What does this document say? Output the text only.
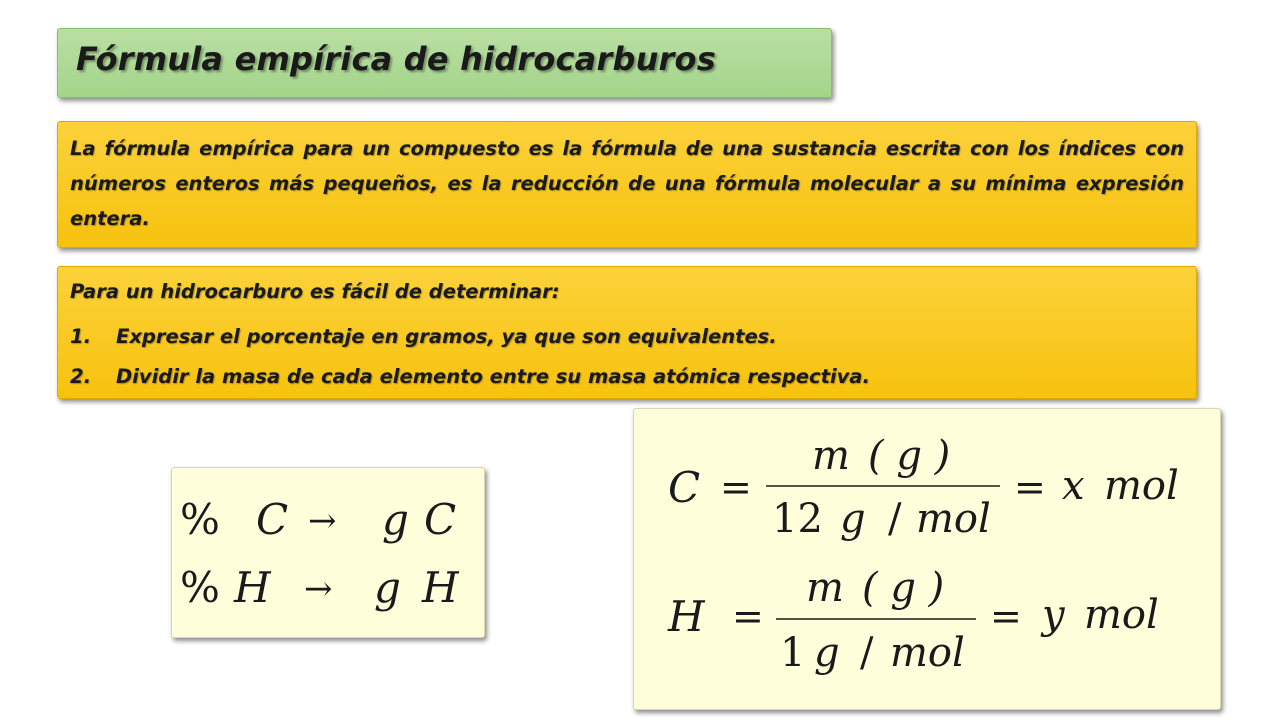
Fórmula empírica de hidrocarburos

La fórmula empírica para un compuesto es la fórmula de una sustancia escrita con los índices con números enteros más pequeños, es la reducción de una fórmula molecular a su mínima expresión entera.

Para un hidrocarburo es fácil de determinar:
1. Expresar el porcentaje en gramos, ya que son equivalentes.
2. Dividir la masa de cada elemento entre su masa atómica respectiva.
% C → g C
% H → g H
C =
m ( g )
12 g / mol
= x mol
H =
m ( g )
1 g / mol
= y mol
